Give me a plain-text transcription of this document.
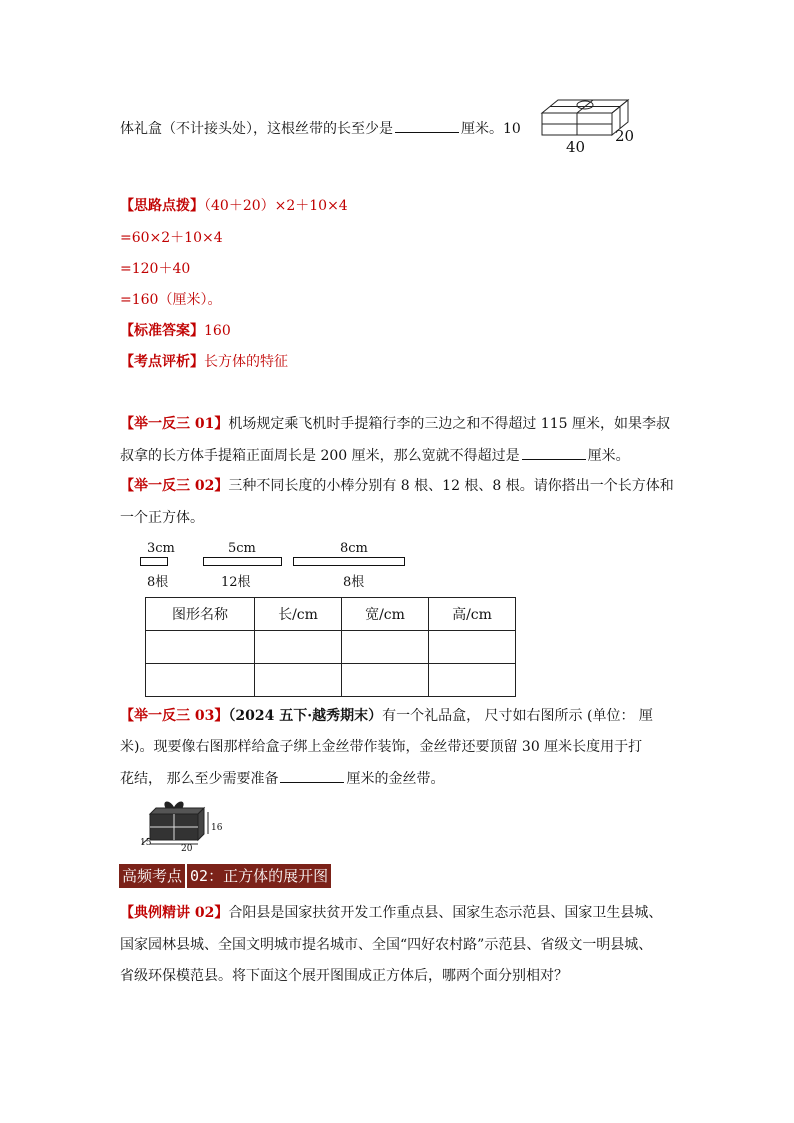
体礼盒（不计接头处），这根丝带的长至少是	厘米。10
40
20
【思路点拨】（40＋20）×2＋10×4
=60×2＋10×4
=120＋40
=160（厘米）。
【标准答案】160
【考点评析】长方体的特征
【举一反三 01】机场规定乘飞机时手提箱行李的三边之和不得超过 115 厘米，如果李叔
叔拿的长方体手提箱正面周长是 200 厘米，那么宽就不得超过是	厘米。
【举一反三 02】三种不同长度的小棒分别有 8 根、12 根、8 根。请你搭出一个长方体和
一个正方体。
3cm
8根
5cm
12根
8cm
8根
图形名称	长/cm	宽/cm	高/cm

【举一反三 03】（2024 五下·越秀期末）有一个礼品盒， 尺寸如右图所示 (单位： 厘
米)。现要像右图那样给盒子绑上金丝带作装饰，金丝带还要顶留 30 厘米长度用于打
花结， 那么至少需要准备	厘米的金丝带。
16
20
15
高频考点 02：正方体的展开图
【典例精讲 02】合阳县是国家扶贫开发工作重点县、国家生态示范县、国家卫生县城、
国家园林县城、全国文明城市提名城市、全国“四好农村路”示范县、省级文一明县城、
省级环保模范县。将下面这个展开图围成正方体后，哪两个面分别相对？
